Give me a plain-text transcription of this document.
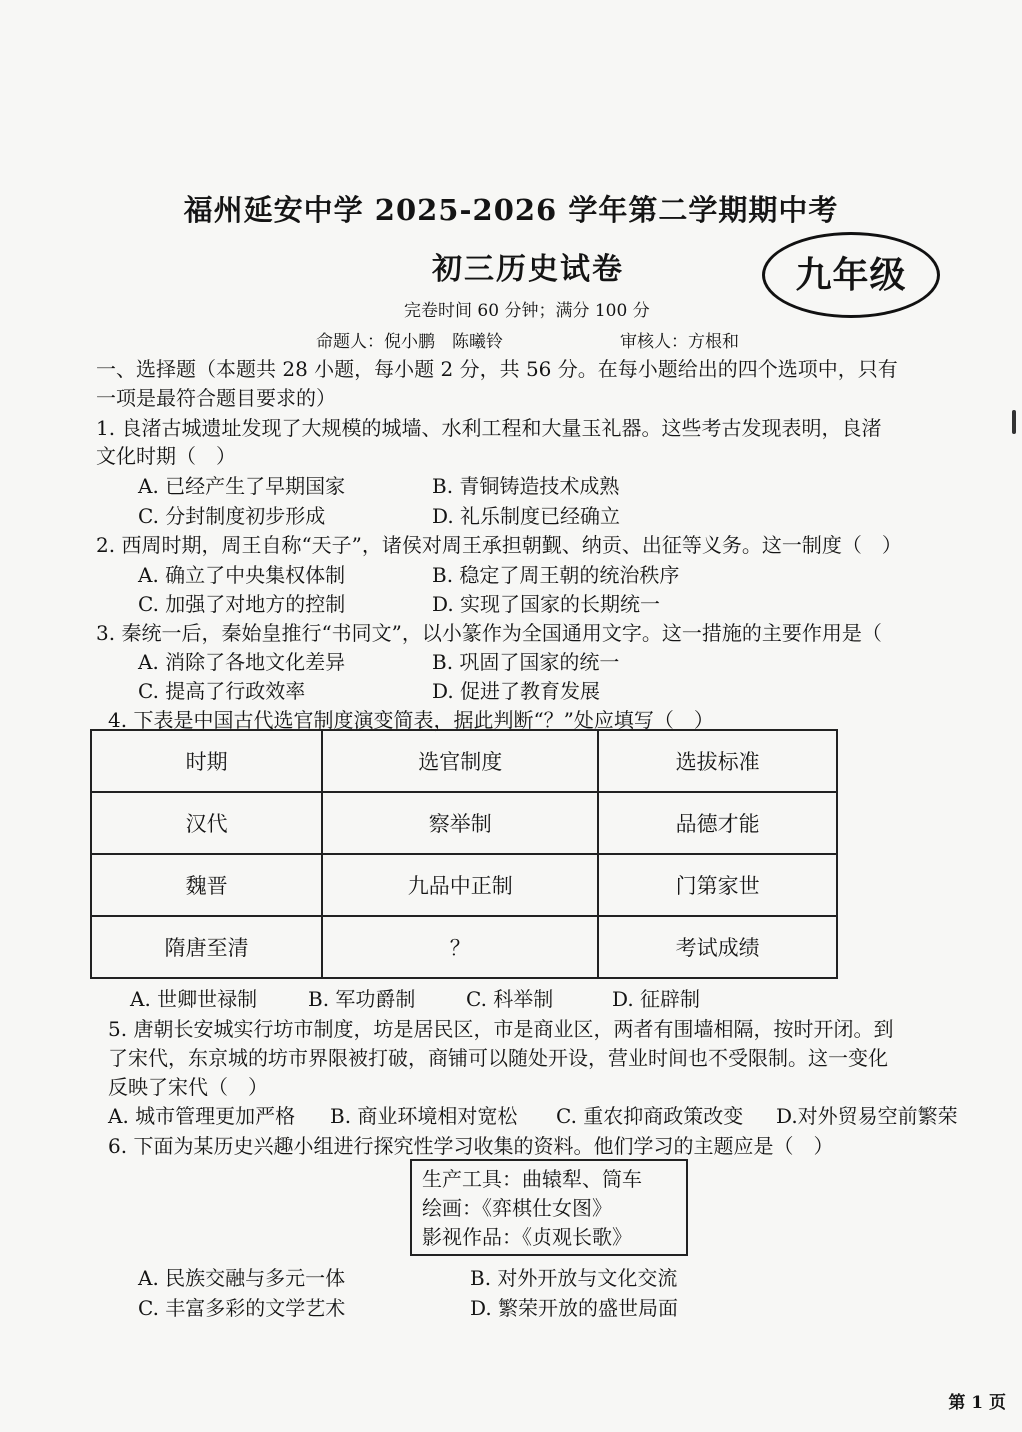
福州延安中学 2025-2026 学年第二学期期中考
初三历史试卷	九年级
完卷时间 60 分钟；满分 100 分
命题人：倪小鹏　陈曦铃	审核人：方根和
一、选择题（本题共 28 小题，每小题 2 分，共 56 分。在每小题给出的四个选项中，只有
一项是最符合题目要求的）
1. 良渚古城遗址发现了大规模的城墙、水利工程和大量玉礼器。这些考古发现表明，良渚
文化时期（　）
A. 已经产生了早期国家	B. 青铜铸造技术成熟
C. 分封制度初步形成	D. 礼乐制度已经确立
2. 西周时期，周王自称“天子”，诸侯对周王承担朝觐、纳贡、出征等义务。这一制度（　）
A. 确立了中央集权体制	B. 稳定了周王朝的统治秩序
C. 加强了对地方的控制	D. 实现了国家的长期统一
3. 秦统一后，秦始皇推行“书同文”，以小篆作为全国通用文字。这一措施的主要作用是（
A. 消除了各地文化差异	B. 巩固了国家的统一
C. 提高了行政效率	D. 促进了教育发展
4. 下表是中国古代选官制度演变简表，据此判断“？”处应填写（　）
时期	选官制度	选拔标准
汉代	察举制	品德才能
魏晋	九品中正制	门第家世
隋唐至清	？	考试成绩
A. 世卿世禄制	B. 军功爵制	C. 科举制	D. 征辟制
5. 唐朝长安城实行坊市制度，坊是居民区，市是商业区，两者有围墙相隔，按时开闭。到
了宋代，东京城的坊市界限被打破，商铺可以随处开设，营业时间也不受限制。这一变化
反映了宋代（　）
A. 城市管理更加严格 B. 商业环境相对宽松 C. 重农抑商政策改变 D.对外贸易空前繁荣
6. 下面为某历史兴趣小组进行探究性学习收集的资料。他们学习的主题应是（　）
生产工具：曲辕犁、筒车
绘画：《弈棋仕女图》
影视作品：《贞观长歌》
A. 民族交融与多元一体	B. 对外开放与文化交流
C. 丰富多彩的文学艺术	D. 繁荣开放的盛世局面
第 1 页
